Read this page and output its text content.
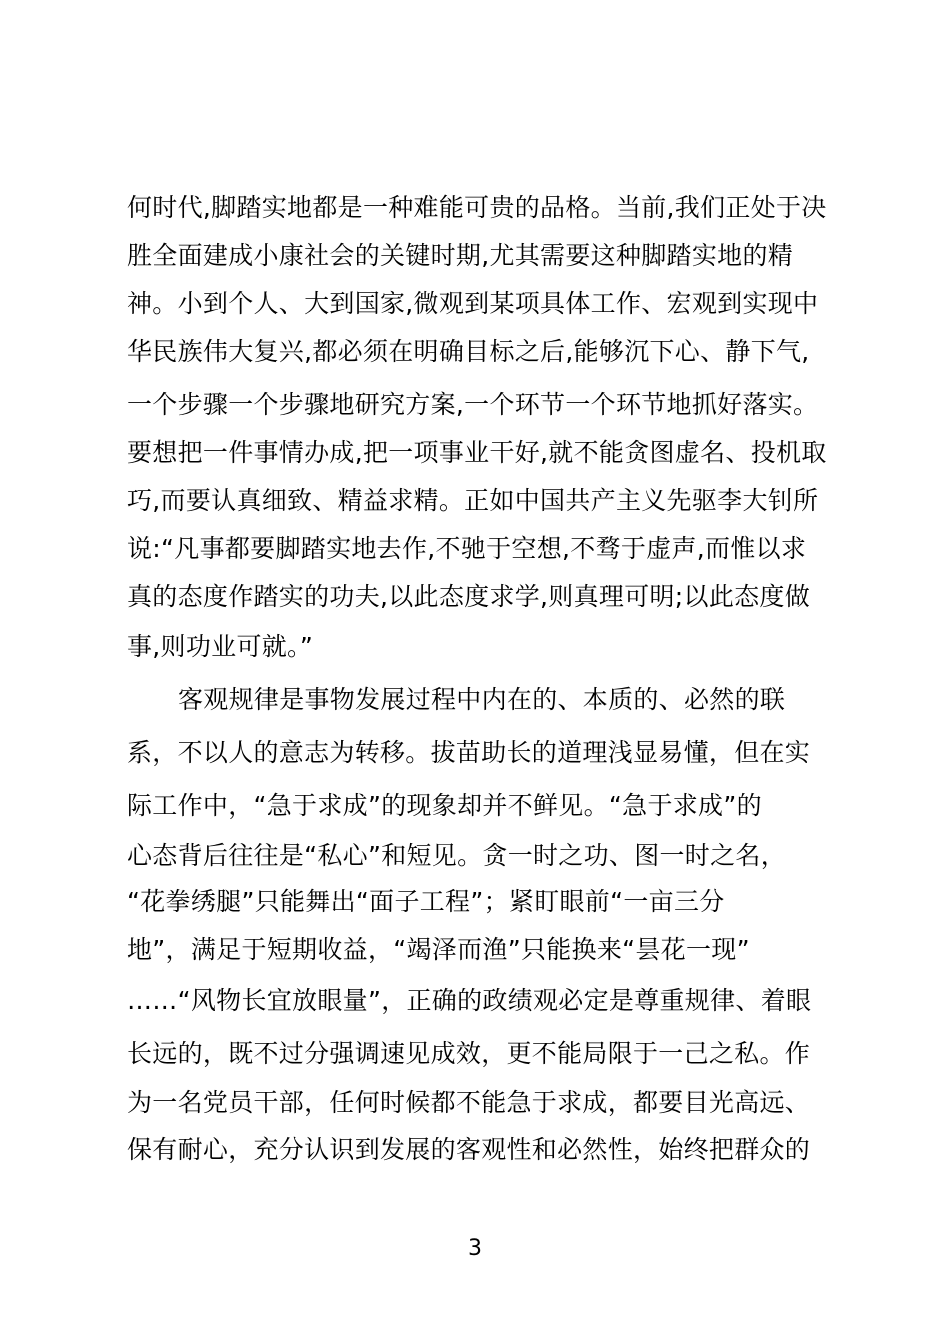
何时代,脚踏实地都是一种难能可贵的品格。当前,我们正处于决
胜全面建成小康社会的关键时期,尤其需要这种脚踏实地的精
神。小到个人、大到国家,微观到某项具体工作、宏观到实现中
华民族伟大复兴,都必须在明确目标之后,能够沉下心、静下气,
一个步骤一个步骤地研究方案,一个环节一个环节地抓好落实。
要想把一件事情办成,把一项事业干好,就不能贪图虚名、投机取
巧,而要认真细致、精益求精。正如中国共产主义先驱李大钊所
说:“凡事都要脚踏实地去作,不驰于空想,不骛于虚声,而惟以求
真的态度作踏实的功夫,以此态度求学,则真理可明;以此态度做
事,则功业可就。”
客观规律是事物发展过程中内在的、本质的、必然的联
系，不以人的意志为转移。拔苗助长的道理浅显易懂，但在实
际工作中，“急于求成”的现象却并不鲜见。“急于求成”的
心态背后往往是“私心”和短见。贪一时之功、图一时之名，
“花拳绣腿”只能舞出“面子工程”；紧盯眼前“一亩三分
地”，满足于短期收益，“竭泽而渔”只能换来“昙花一现”
……“风物长宜放眼量”，正确的政绩观必定是尊重规律、着眼
长远的，既不过分强调速见成效，更不能局限于一己之私。作
为一名党员干部，任何时候都不能急于求成，都要目光高远、
保有耐心，充分认识到发展的客观性和必然性，始终把群众的
3
